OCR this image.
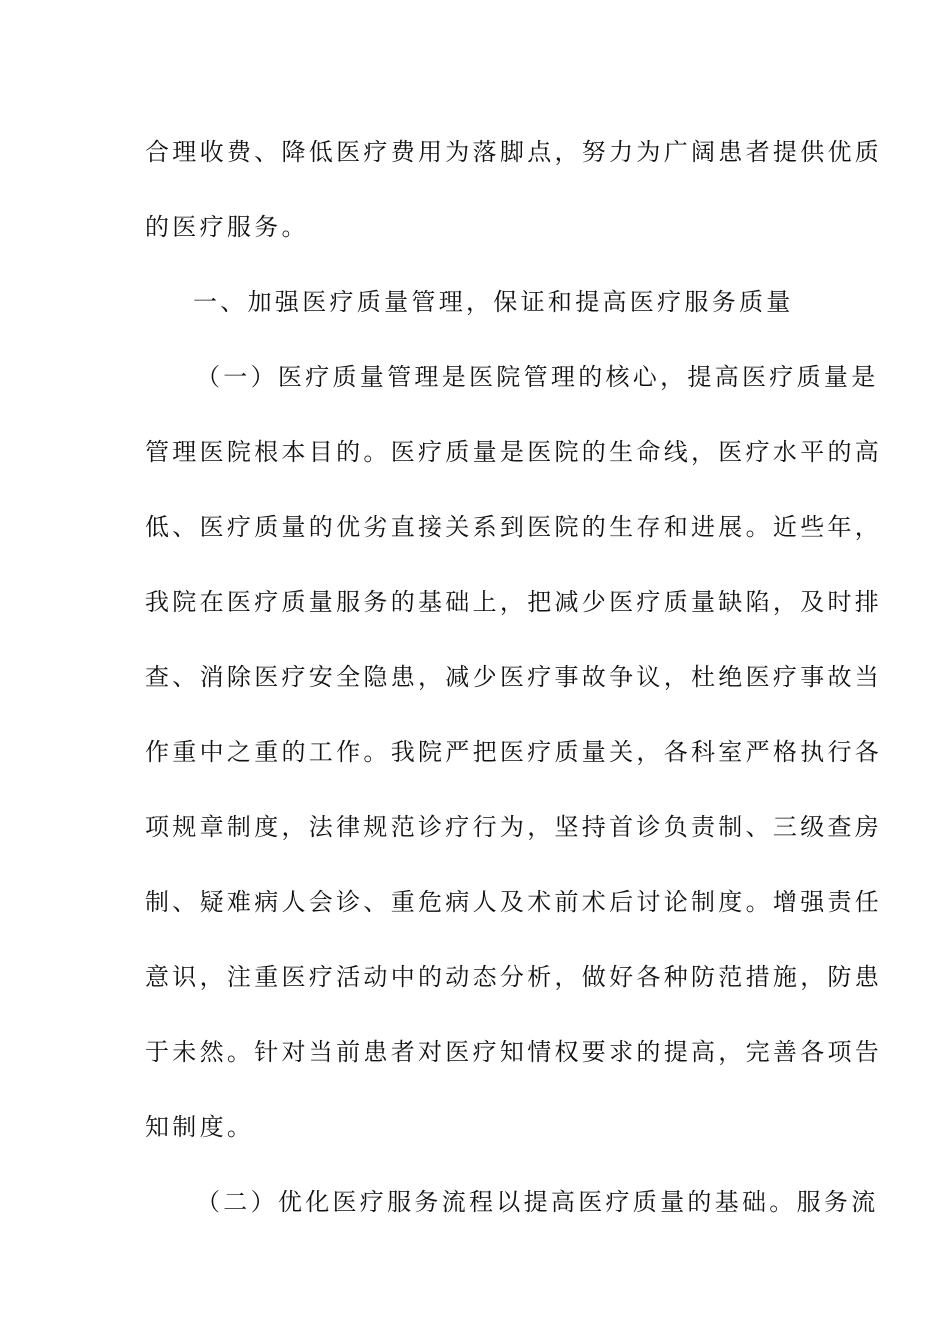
合理收费、降低医疗费用为落脚点，努力为广阔患者提供优质
的医疗服务。
一、加强医疗质量管理，保证和提高医疗服务质量
（一）医疗质量管理是医院管理的核心，提高医疗质量是
管理医院根本目的。医疗质量是医院的生命线，医疗水平的高
低、医疗质量的优劣直接关系到医院的生存和进展。近些年，
我院在医疗质量服务的基础上，把减少医疗质量缺陷，及时排
查、消除医疗安全隐患，减少医疗事故争议，杜绝医疗事故当
作重中之重的工作。我院严把医疗质量关，各科室严格执行各
项规章制度，法律规范诊疗行为，坚持首诊负责制、三级查房
制、疑难病人会诊、重危病人及术前术后讨论制度。增强责任
意识，注重医疗活动中的动态分析，做好各种防范措施，防患
于未然。针对当前患者对医疗知情权要求的提高，完善各项告
知制度。
（二）优化医疗服务流程以提高医疗质量的基础。服务流
